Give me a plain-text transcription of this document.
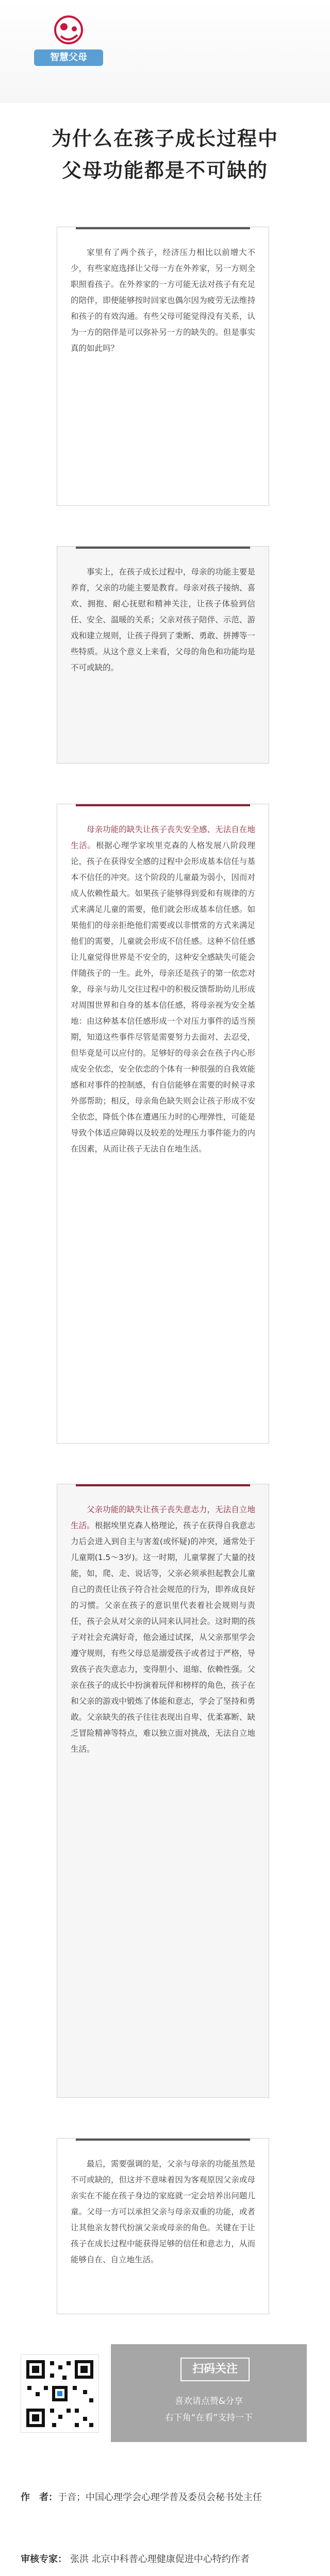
智慧父母
为什么在孩子成长过程中
父母功能都是不可缺的

家里有了两个孩子，经济压力相比以前增大不少，有些家庭选择让父母一方在外养家，另一方则全职照看孩子。在外养家的一方可能无法对孩子有充足的陪伴，即便能够按时回家也偶尔因为疲劳无法维持和孩子的有效沟通。有些父母可能觉得没有关系，认为一方的陪伴是可以弥补另一方的缺失的。但是事实真的如此吗？

事实上，在孩子成长过程中，母亲的功能主要是养育，父亲的功能主要是教育。母亲对孩子接纳、喜欢、拥抱、耐心抚慰和精神关注，让孩子体验到信任、安全、温暖的关系；父亲对孩子陪伴、示范、游戏和建立规则，让孩子得到了秉断、勇敢、拼搏等一些特质。从这个意义上来看，父母的角色和功能均是不可或缺的。

母亲功能的缺失让孩子丧失安全感、无法自在地生活。根据心理学家埃里克森的人格发展八阶段理论，孩子在获得安全感的过程中会形成基本信任与基本不信任的冲突。这个阶段的儿童最为弱小，因而对成人依赖性最大。如果孩子能够得到爱和有规律的方式来满足儿童的需要，他们就会形成基本信任感。如果他们的母亲拒绝他们需要或以非惯常的方式来满足他们的需要，儿童就会形成不信任感。这种不信任感让儿童觉得世界是不安全的，这种安全感缺失可能会伴随孩子的一生。此外，母亲还是孩子的第一依恋对象，母亲与幼儿交往过程中的积极反馈帮助幼儿形成对周围世界和自身的基本信任感，将母亲视为安全基地：由这种基本信任感形成一个对压力事件的适当预期，知道这些事件尽管是需要努力去面对、去忍受，但毕竟是可以应付的。足够好的母亲会在孩子内心形成安全依恋，安全依恋的个体有一种很强的自我效能感和对事件的控制感，有自信能够在需要的时候寻求外部帮助；相反，母亲角色缺失则会让孩子形成不安全依恋，降低个体在遭遇压力时的心理弹性，可能是导致个体适应障碍以及较差的处理压力事件能力的内在因素，从而让孩子无法自在地生活。

父亲功能的缺失让孩子丧失意志力，无法自立地生活。根据埃里克森人格理论，孩子在获得自我意志力后会进入到自主与害羞(或怀疑)的冲突，通常处于儿童期(1.5～3岁)。这一时期，儿童掌握了大量的技能，如，爬、走、说话等，父亲必须承担起教会儿童自己的责任让孩子符合社会规范的行为，即养成良好的习惯。父亲在孩子的意识里代表着社会规则与责任，孩子会从对父亲的认同来认同社会。这时期的孩子对社会充满好奇，他会通过试探，从父亲那里学会遵守规则，有些父母总是溺爱孩子或者过于严格，导致孩子丧失意志力，变得胆小、退缩、依赖性强。父亲在孩子的成长中扮演着玩伴和榜样的角色，孩子在和父亲的游戏中锻炼了体能和意志，学会了坚持和勇敢。父亲缺失的孩子往往表现出自卑、优柔寡断、缺乏冒险精神等特点，难以独立面对挑战，无法自立地生活。

最后，需要强调的是，父亲与母亲的功能虽然是不可或缺的，但这并不意味着因为客观原因父亲或母亲实在不能在孩子身边的家庭就一定会培养出问题儿童。父母一方可以承担父亲与母亲双重的功能，或者让其他亲友替代扮演父亲或母亲的角色。关键在于让孩子在成长过程中能获得足够的信任和意志力，从而能够自在、自立地生活。

扫码关注
喜欢请点赞&分享
右下角“在看”支持一下
作　者：于音；中国心理学会心理学普及委员会秘书处主任
审核专家： 张洪 北京中科普心理健康促进中心特约作者
